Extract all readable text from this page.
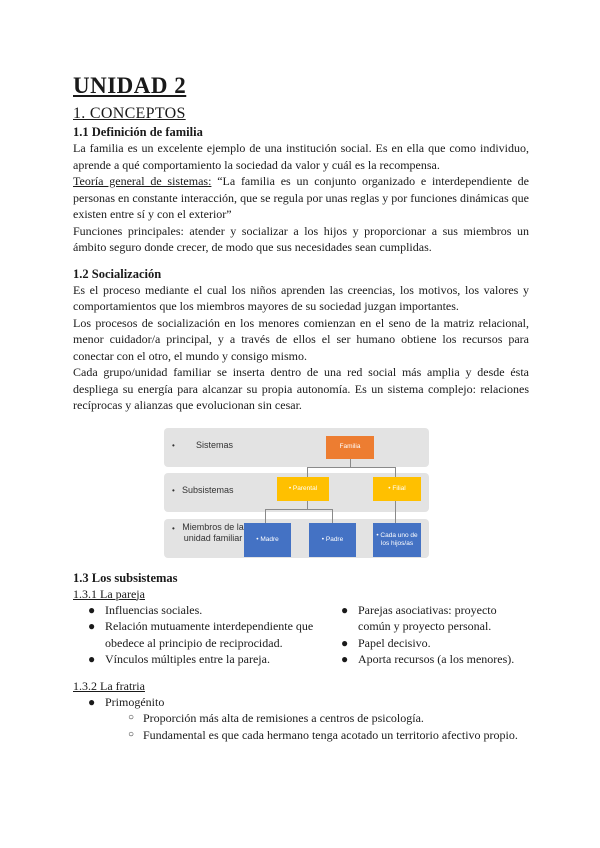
UNIDAD 2
1. CONCEPTOS
1.1 Definición de familia

La familia es un excelente ejemplo de una institución social. Es en ella que como individuo, aprende a qué comportamiento la sociedad da valor y cuál es la recompensa.

Teoría general de sistemas: “La familia es un conjunto organizado e interdependiente de personas en constante interacción, que se regula por unas reglas y por funciones dinámicas que existen entre sí y con el exterior”

Funciones principales: atender y socializar a los hijos y proporcionar a sus miembros un ámbito seguro donde crecer, de modo que sus necesidades sean cumplidas.

1.2 Socialización

Es el proceso mediante el cual los niños aprenden las creencias, los motivos, los valores y comportamientos que los miembros mayores de su sociedad juzgan importantes.

Los procesos de socialización en los menores comienzan en el seno de la matriz relacional, menor cuidador/a principal, y a través de ellos el ser humano obtiene los recursos para conectar con el otro, el mundo y consigo mismo.

Cada grupo/unidad familiar se inserta dentro de una red social más amplia y desde ésta despliega su energía para alcanzar su propia autonomía. Es un sistema complejo: relaciones recíprocas y alianzas que evolucionan sin cesar.

• Sistemas
• Subsistemas
• Miembros de la unidad familiar
Familia
• Parental	• Filial
• Madre	• Padre
• Cada uno de los hijos/as
1.3 Los subsistemas
1.3.1 La pareja
● Influencias sociales.
● Relación mutuamente interdependiente que obedece al principio de reciprocidad.
● Vínculos múltiples entre la pareja.
● Parejas asociativas: proyecto común y proyecto personal.
● Papel decisivo.
● Aporta recursos (a los menores).
1.3.2 La fratria
● Primogénito
○ Proporción más alta de remisiones a centros de psicología.
○ Fundamental es que cada hermano tenga acotado un territorio afectivo propio.
